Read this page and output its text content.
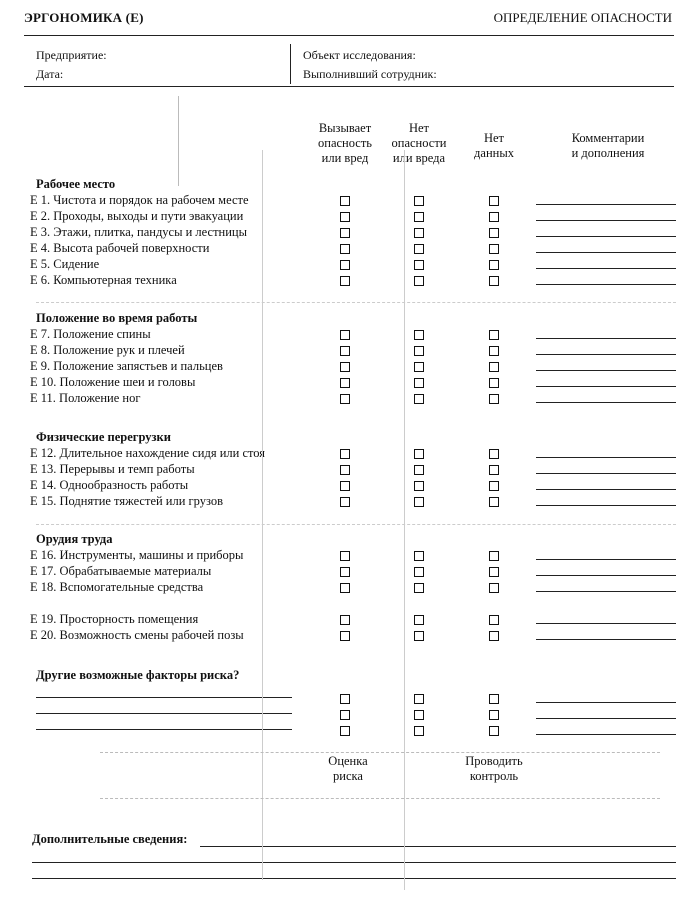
ЭРГОНОМИКА (E)	ОПРЕДЕЛЕНИЕ ОПАСНОСТИ
Предприятие:
Дата:
Объект исследования:
Выполнивший сотрудник:
Вызывает
опасность
или вред
Нет
опасности
или вреда
Нет
данных
Комментарии
и дополнения
Рабочее место
E 1. Чистота и порядок на рабочем месте
E 2. Проходы, выходы и пути эвакуации
E 3. Этажи, плитка, пандусы и лестницы
E 4. Высота рабочей поверхности
E 5. Сидение
E 6. Компьютерная техника
Положение во время работы
E 7. Положение спины
E 8. Положение рук и плечей
E 9. Положение запястьев и пальцев
E 10. Положение шеи и головы
E 11. Положение ног
Физические перегрузки
E 12. Длительное нахождение сидя или стоя
E 13. Перерывы и темп работы
E 14. Однообразность работы
E 15. Поднятие тяжестей или грузов
Орудия труда
E 16. Инструменты, машины и приборы
E 17. Обрабатываемые материалы
E 18. Вспомогательные средства
E 19. Просторность помещения
E 20. Возможность смены рабочей позы
Другие возможные факторы риска?
Оценка
риска
Проводить
контроль
Дополнительные сведения:
